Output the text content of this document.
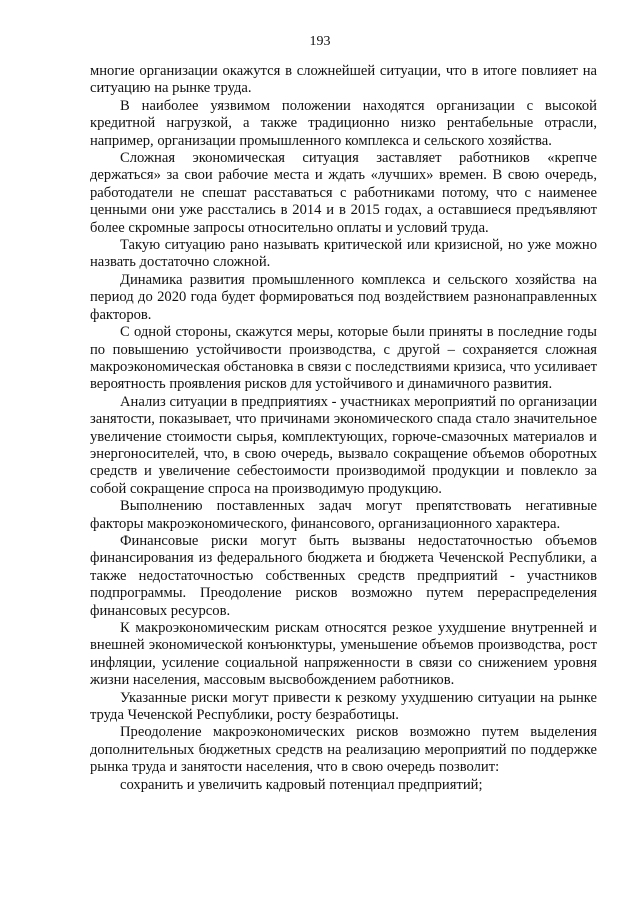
193

многие организации окажутся в сложнейшей ситуации, что в итоге повлияет на ситуацию на рынке труда.

В наиболее уязвимом положении находятся организации с высокой кредитной нагрузкой, а также традиционно низко рентабельные отрасли, например, организации промышленного комплекса и сельского хозяйства.

Сложная экономическая ситуация заставляет работников «крепче держаться» за свои рабочие места и ждать «лучших» времен. В свою очередь, работодатели не спешат расставаться с работниками потому, что с наименее ценными они уже расстались в 2014 и в 2015 годах, а оставшиеся предъявляют более скромные запросы относительно оплаты и условий труда.

Такую ситуацию рано называть критической или кризисной, но уже можно назвать достаточно сложной.

Динамика развития промышленного комплекса и сельского хозяйства на период до 2020 года будет формироваться под воздействием разнонаправленных факторов.

С одной стороны, скажутся меры, которые были приняты в последние годы по повышению устойчивости производства, с другой – сохраняется сложная макроэкономическая обстановка в связи с последствиями кризиса, что усиливает вероятность проявления рисков для устойчивого и динамичного развития.

Анализ ситуации в предприятиях - участниках мероприятий по организации занятости, показывает, что причинами экономического спада стало значительное увеличение стоимости сырья, комплектующих, горюче-смазочных материалов и энергоносителей, что, в свою очередь, вызвало сокращение объемов оборотных средств и увеличение себестоимости производимой продукции и повлекло за собой сокращение спроса на производимую продукцию.

Выполнению поставленных задач могут препятствовать негативные факторы макроэкономического, финансового, организационного характера.

Финансовые риски могут быть вызваны недостаточностью объемов финансирования из федерального бюджета и бюджета Чеченской Республики, а также недостаточностью собственных средств предприятий - участников подпрограммы. Преодоление рисков возможно путем перераспределения финансовых ресурсов.

К макроэкономическим рискам относятся резкое ухудшение внутренней и внешней экономической конъюнктуры, уменьшение объемов производства, рост инфляции, усиление социальной напряженности в связи со снижением уровня жизни населения, массовым высвобождением работников.

Указанные риски могут привести к резкому ухудшению ситуации на рынке труда Чеченской Республики, росту безработицы.

Преодоление макроэкономических рисков возможно путем выделения дополнительных бюджетных средств на реализацию мероприятий по поддержке рынка труда и занятости населения, что в свою очередь позволит:

сохранить и увеличить кадровый потенциал предприятий;
